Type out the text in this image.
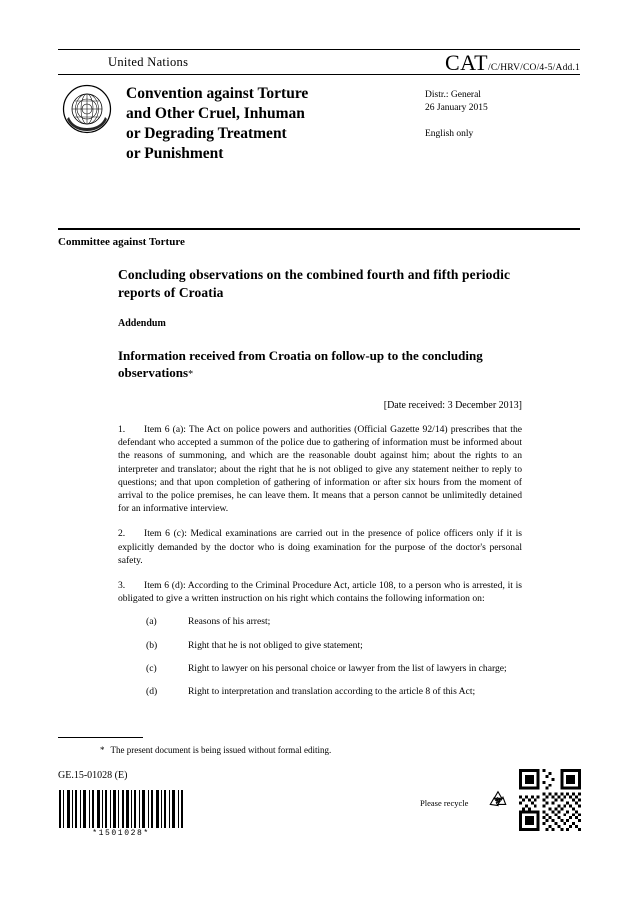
United Nations	CAT/C/HRV/CO/4-5/Add.1
Convention against Torture
and Other Cruel, Inhuman
or Degrading Treatment
or Punishment
Distr.: General
26 January 2015
English only
Committee against Torture
Concluding observations on the combined fourth and fifth periodic reports of Croatia
Addendum
Information received from Croatia on follow-up to the concluding observations*
[Date received: 3 December 2013]

1. Item 6 (a): The Act on police powers and authorities (Official Gazette 92/14) prescribes that the defendant who accepted a summon of the police due to gathering of information must be informed about the reasons of summoning, and which are the reasonable doubt against him; about the rights to an interpreter and translator; about the right that he is not obliged to give any statement neither to reply to questions; and that upon completion of gathering of information or after six hours from the moment of arrival to the police premises, he can leave them. It means that a person cannot be unlimitedly detained for an informative interview.

2. Item 6 (c): Medical examinations are carried out in the presence of police officers only if it is explicitly demanded by the doctor who is doing examination for the purpose of the doctor's personal safety.

3. Item 6 (d): According to the Criminal Procedure Act, article 108, to a person who is arrested, it is obligated to give a written instruction on his right which contains the following information on:

(a)	Reasons of his arrest;

(b)	Right that he is not obliged to give statement;

(c)	Right to lawyer on his personal choice or lawyer from the list of lawyers in charge;

(d)	Right to interpretation and translation according to the article 8 of this Act;

* The present document is being issued without formal editing.
GE.15-01028 (E)
*1501028*
Please recycle
